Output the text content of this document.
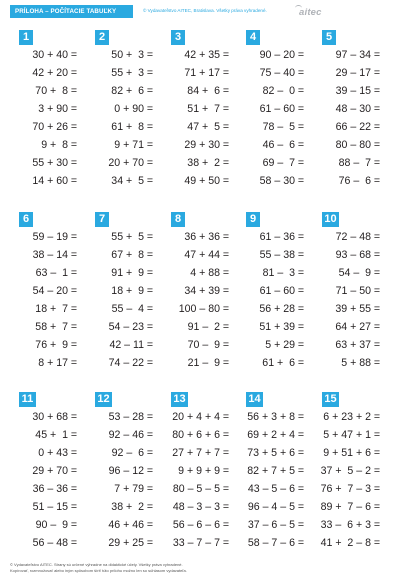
PRÍLOHA – POČÍTACIE TABUĽKY	© Vydavateľstvo AITEC, Bratislava. Všetky práva vyhradené.	aitec
1
30 + 40 =
42 + 20 =
70 +  8 =
3 + 90 =
70 + 26 =
9 +  8 =
55 + 30 =
14 + 60 =
2
50 +  3 =
55 +  3 =
82 +  6 =
0 + 90 =
61 +  8 =
9 + 71 =
20 + 70 =
34 +  5 =
3
42 + 35 =
71 + 17 =
84 +  6 =
51 +  7 =
47 +  5 =
29 + 30 =
38 +  2 =
49 + 50 =
4
90 – 20 =
75 – 40 =
82 –  0 =
61 – 60 =
78 –  5 =
46 –  6 =
69 –  7 =
58 – 30 =
5
97 – 34 =
29 – 17 =
39 – 15 =
48 – 30 =
66 – 22 =
80 – 80 =
88 –  7 =
76 –  6 =
6
59 – 19 =
38 – 14 =
63 –  1 =
54 – 20 =
18 +  7 =
58 +  7 =
76 +  9 =
8 + 17 =
7
55 +  5 =
67 +  8 =
91 +  9 =
18 +  9 =
55 –  4 =
54 – 23 =
42 – 11 =
74 – 22 =
8
36 + 36 =
47 + 44 =
4 + 88 =
34 + 39 =
100 – 80 =
91 –  2 =
70 –  9 =
21 –  9 =
9
61 – 36 =
55 – 38 =
81 –  3 =
61 – 60 =
56 + 28 =
51 + 39 =
5 + 29 =
61 +  6 =
10
72 – 48 =
93 – 68 =
54 –  9 =
71 – 50 =
39 + 55 =
64 + 27 =
63 + 37 =
5 + 88 =
11
30 + 68 =
45 +  1 =
0 + 43 =
29 + 70 =
36 – 36 =
51 – 15 =
90 –  9 =
56 – 48 =
12
53 – 28 =
92 – 46 =
92 –  6 =
96 – 12 =
7 + 79 =
38 +  2 =
46 + 46 =
29 + 25 =
13
20 + 4 + 4 =
80 + 6 + 6 =
27 + 7 + 7 =
9 + 9 + 9 =
80 – 5 – 5 =
48 – 3 – 3 =
56 – 6 – 6 =
33 – 7 – 7 =
14
56 + 3 + 8 =
69 + 2 + 4 =
73 + 5 + 6 =
82 + 7 + 5 =
43 – 5 – 6 =
96 – 4 – 5 =
37 – 6 – 5 =
58 – 7 – 6 =
15
6 + 23 + 2 =
5 + 47 + 1 =
9 + 51 + 6 =
37 +  5 – 2 =
76 +  7 – 3 =
89 +  7 – 6 =
33 –  6 + 3 =
41 +  2 – 8 =
© Vydavateľstvo AITEC. Strany sú určené výhradne na didaktické účely. Všetky práva vyhradené.
Kopírovať, rozmnožovať alebo iným spôsobom šíriť túto prílohu možno len so súhlasom vydavateľa.
